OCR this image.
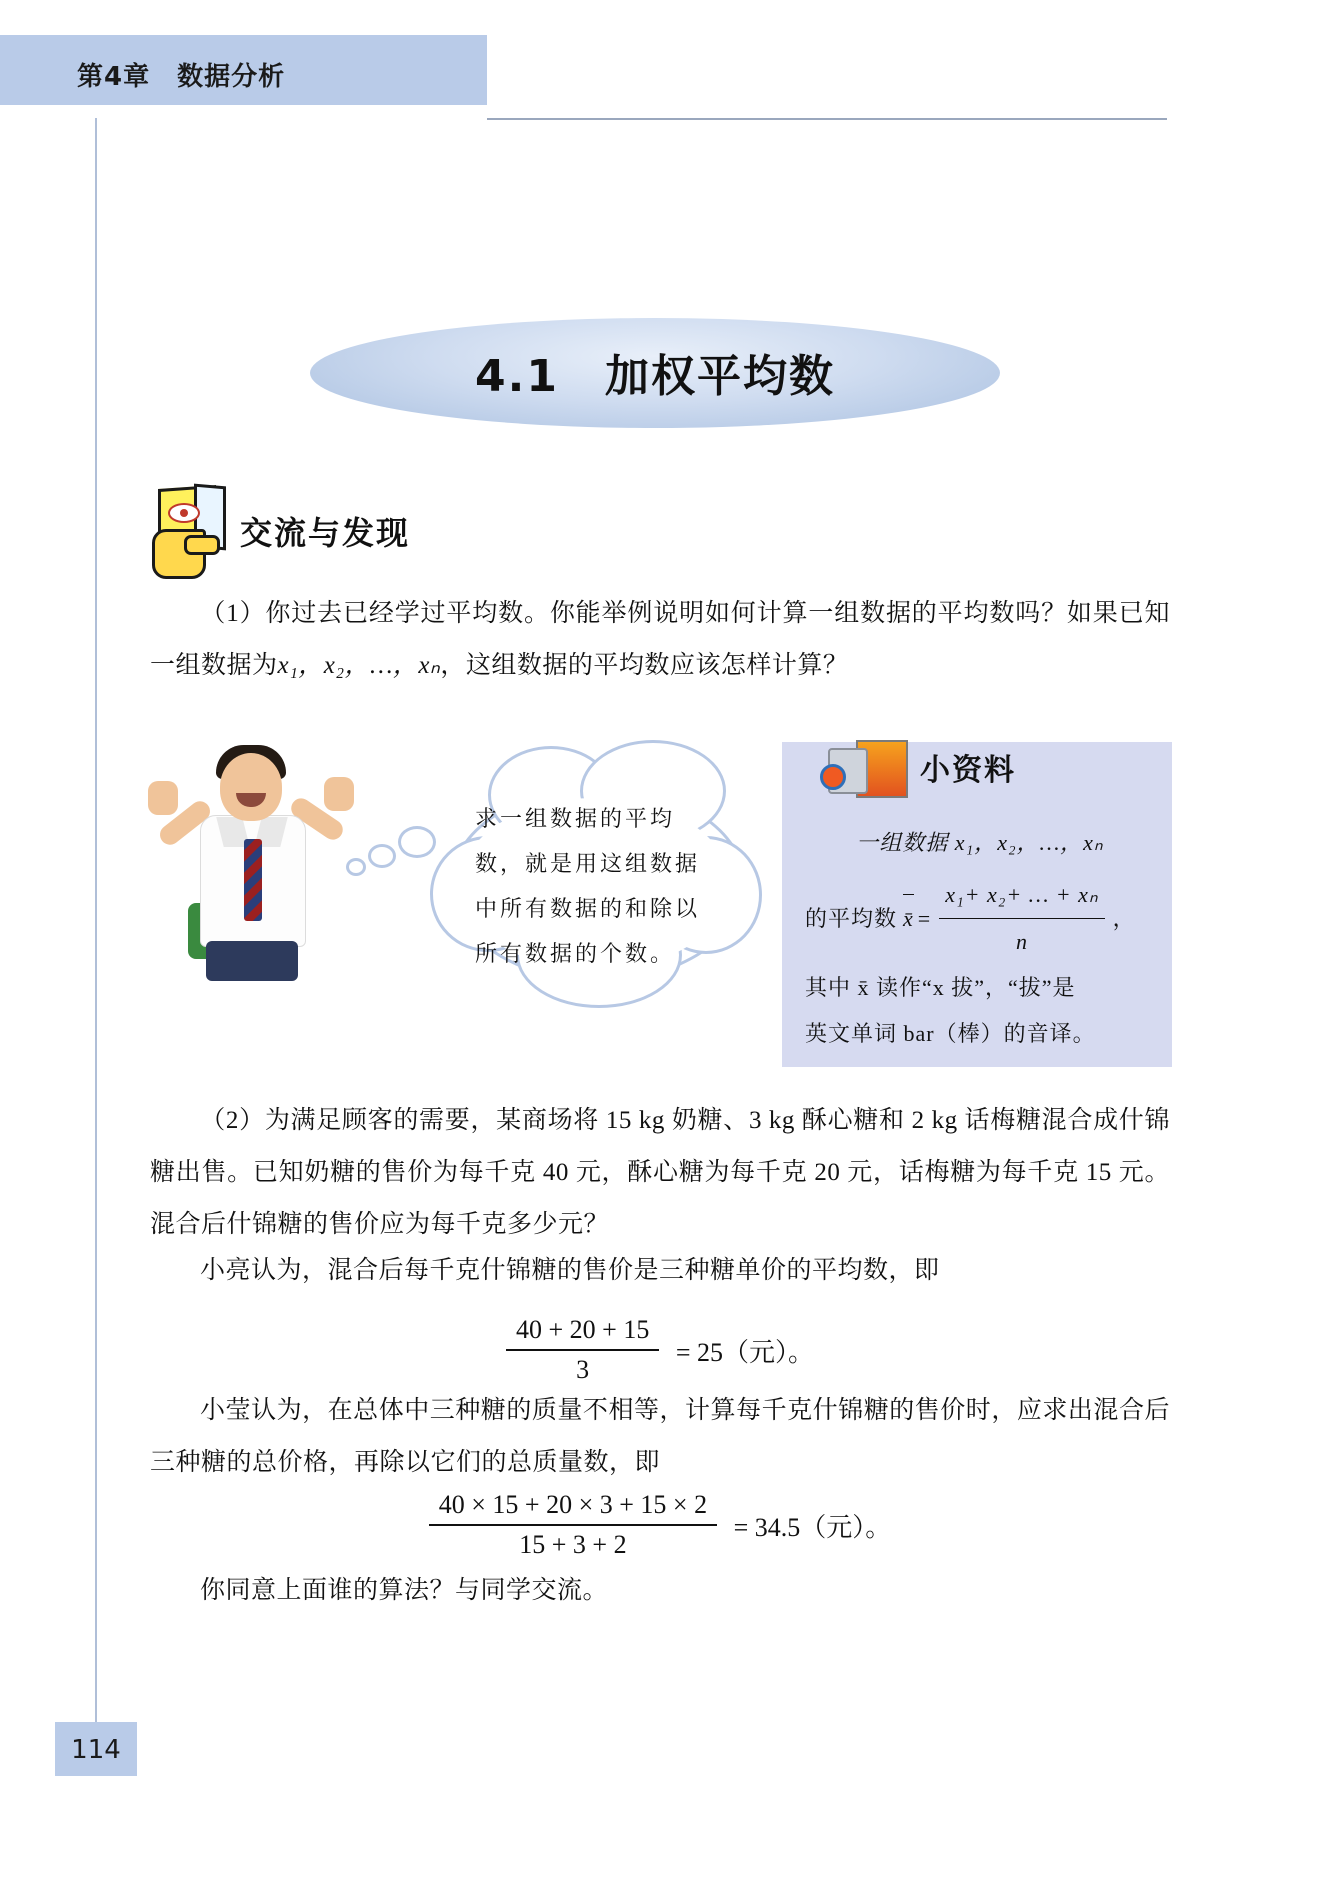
第4章　数据分析
4.1　加权平均数
交流与发现
（1）你过去已经学过平均数。你能举例说明如何计算一组数据的平均数吗？如果已知一组数据为x₁，x₂，…，xₙ，这组数据的平均数应该怎样计算？
求一组数据的平均数，就是用这组数据中所有数据的和除以所有数据的个数。
小资料
一组数据 x₁，x₂，…，xₙ
的平均数 x̄ = $\frac{\text{x₁+ x₂+ … + xₙ}}{n}$ ，
其中 x̄ 读作“x 拔”，“拔”是
英文单词 bar（棒）的音译。
（2）为满足顾客的需要，某商场将 15 kg 奶糖、3 kg 酥心糖和 2 kg 话梅糖混合成什锦糖出售。已知奶糖的售价为每千克 40 元，酥心糖为每千克 20 元，话梅糖为每千克 15 元。混合后什锦糖的售价应为每千克多少元？
小亮认为，混合后每千克什锦糖的售价是三种糖单价的平均数，即
$\frac{40 + 20 + 15}{3} = 25$（元）。
小莹认为，在总体中三种糖的质量不相等，计算每千克什锦糖的售价时，应求出混合后三种糖的总价格，再除以它们的总质量数，即
$\frac{40 \times 15 + 20 \times 3 + 15 \times 2}{15 + 3 + 2} = 34.5$（元）。
你同意上面谁的算法？与同学交流。
114
